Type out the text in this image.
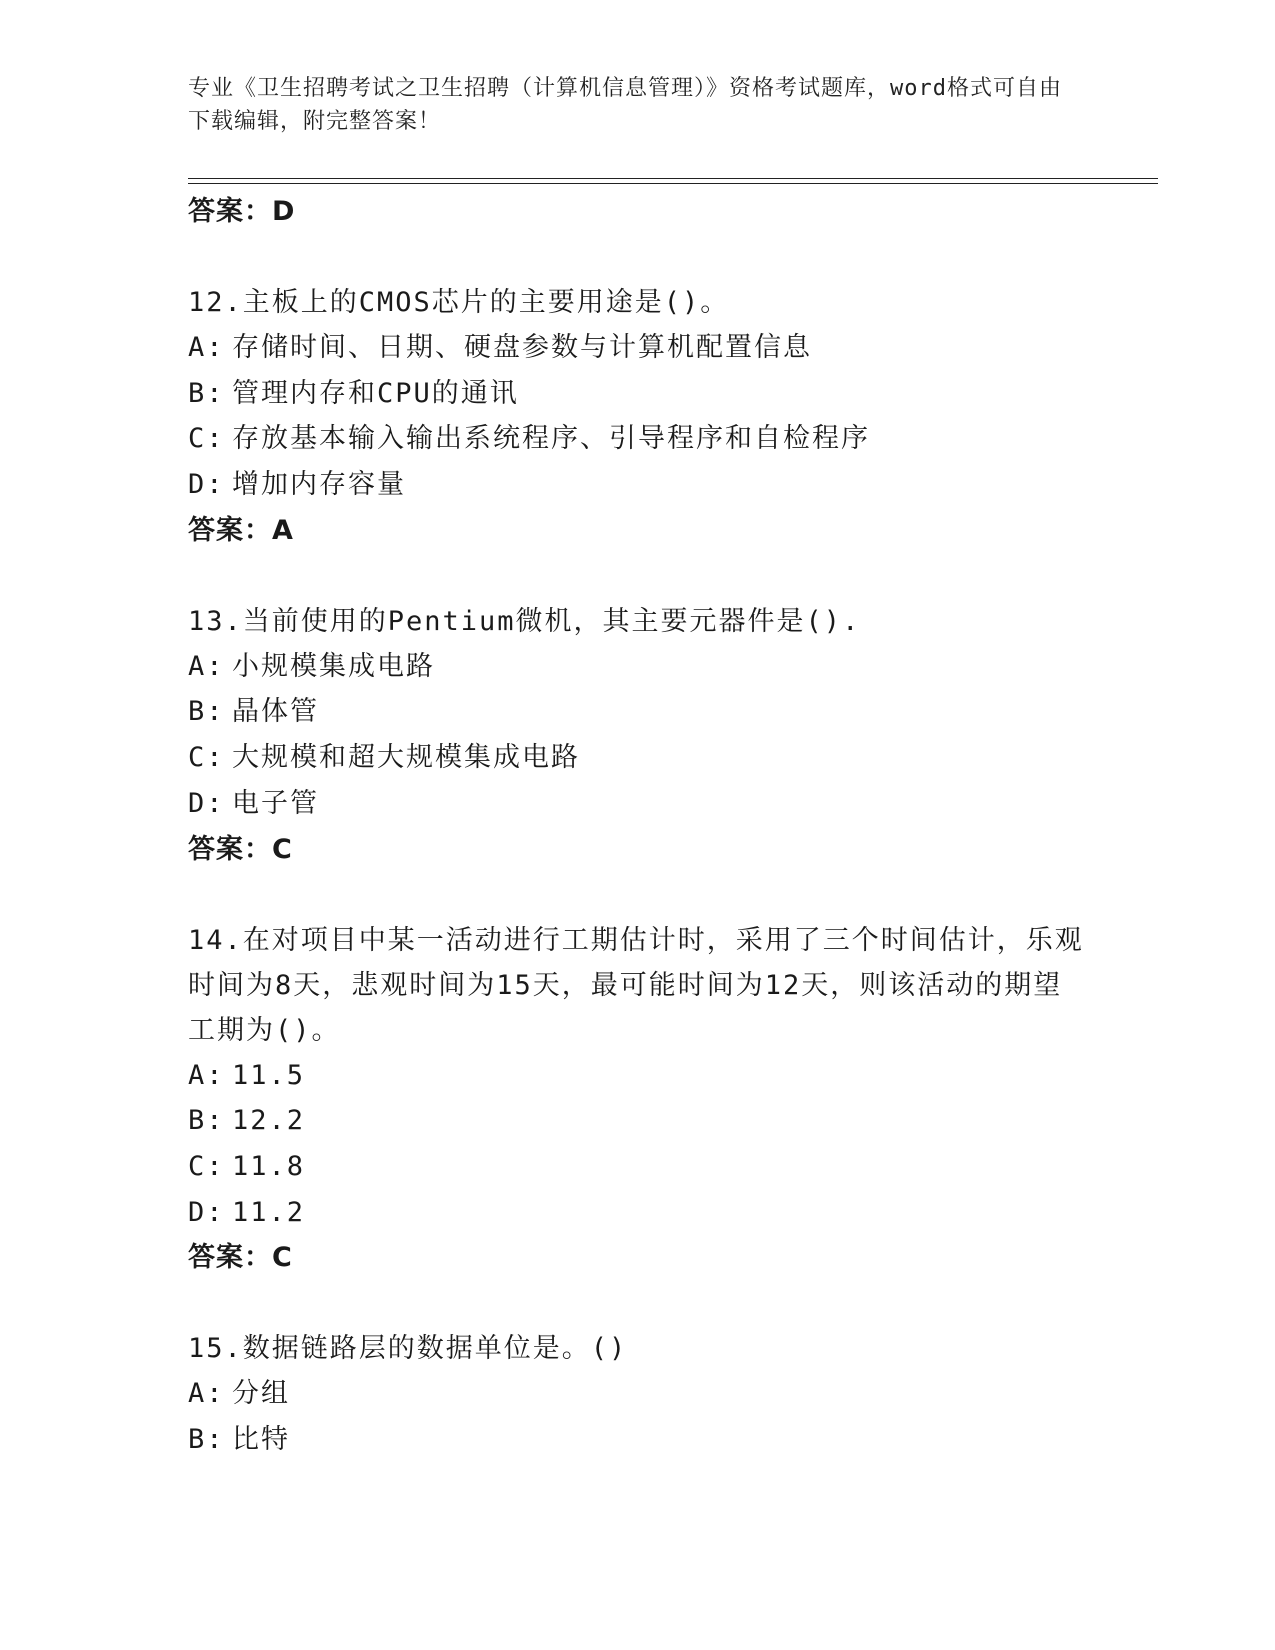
专业《卫生招聘考试之卫生招聘（计算机信息管理）》资格考试题库，word格式可自由下载编辑，附完整答案！
答案：D
12.主板上的CMOS芯片的主要用途是()。
A: 存储时间、日期、硬盘参数与计算机配置信息
B: 管理内存和CPU的通讯
C: 存放基本输入输出系统程序、引导程序和自检程序
D: 增加内存容量
答案：A
13.当前使用的Pentium微机，其主要元器件是().
A: 小规模集成电路
B: 晶体管
C: 大规模和超大规模集成电路
D: 电子管
答案：C
14.在对项目中某一活动进行工期估计时，采用了三个时间估计，乐观时间为8天，悲观时间为15天，最可能时间为12天，则该活动的期望工期为()。
A: 11.5
B: 12.2
C: 11.8
D: 11.2
答案：C
15.数据链路层的数据单位是。()
A: 分组
B: 比特
